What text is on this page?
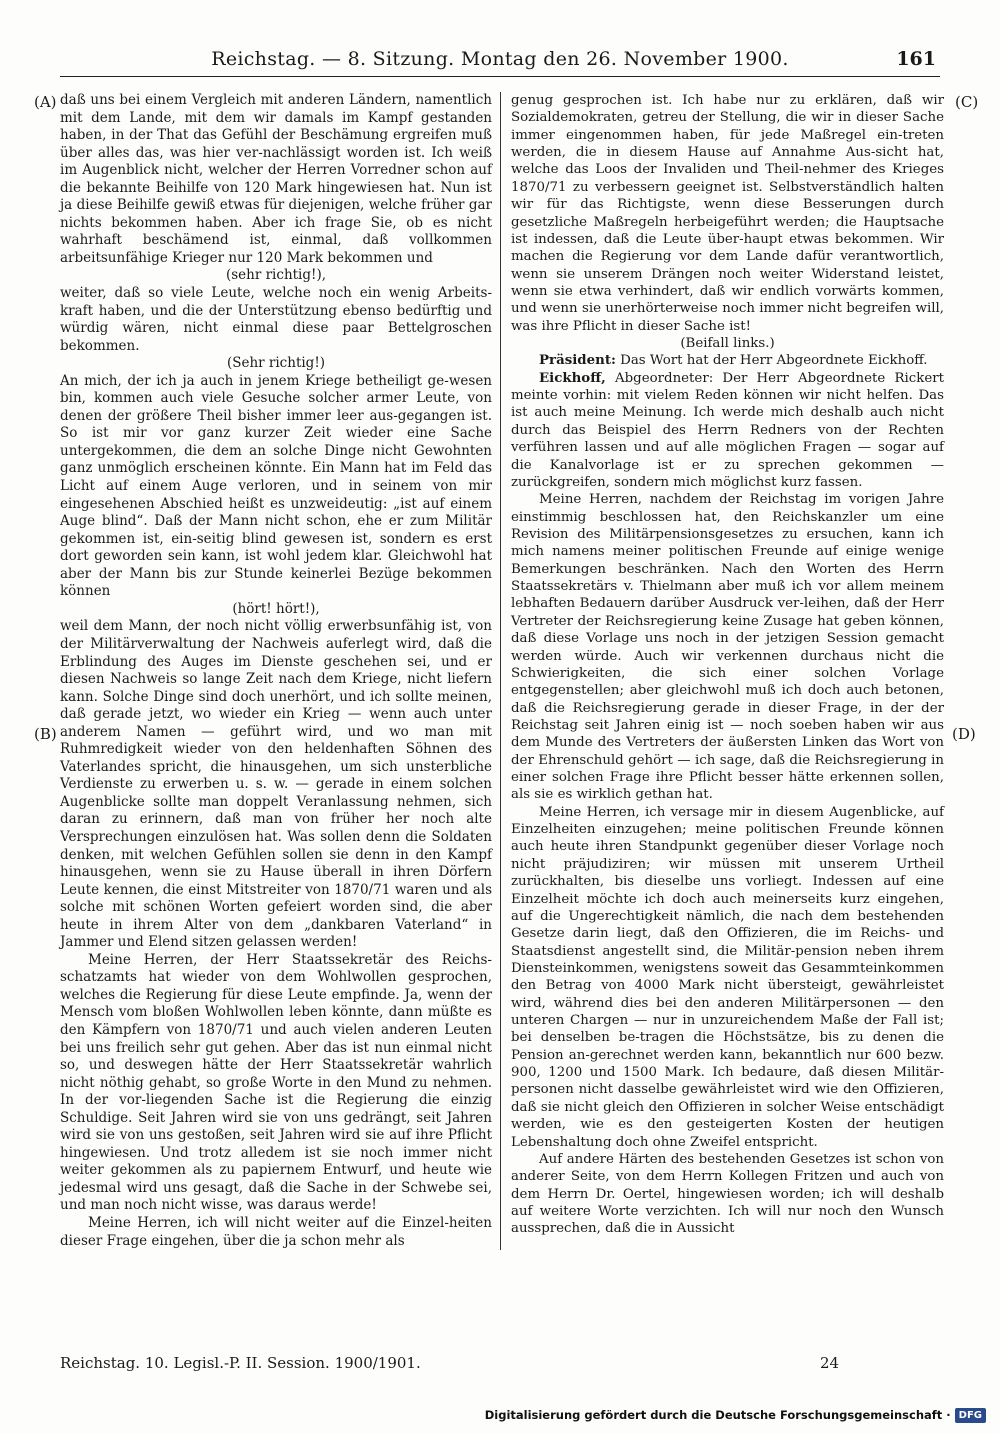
Reichstag. — 8. Sitzung. Montag den 26. November 1900.	161
(A)
(B)
(C)
(D)

daß uns bei einem Vergleich mit anderen Ländern, namentlich mit dem Lande, mit dem wir damals im Kampf gestanden haben, in der That das Gefühl der Beschämung ergreifen muß über alles das, was hier ver-nachlässigt worden ist. Ich weiß im Augenblick nicht, welcher der Herren Vorredner schon auf die bekannte Beihilfe von 120 Mark hingewiesen hat. Nun ist ja diese Beihilfe gewiß etwas für diejenigen, welche früher gar nichts bekommen haben. Aber ich frage Sie, ob es nicht wahrhaft beschämend ist, einmal, daß vollkommen arbeitsunfähige Krieger nur 120 Mark bekommen und

(sehr richtig!),

weiter, daß so viele Leute, welche noch ein wenig Arbeits-kraft haben, und die der Unterstützung ebenso bedürftig und würdig wären, nicht einmal diese paar Bettelgroschen bekommen.

(Sehr richtig!)

An mich, der ich ja auch in jenem Kriege betheiligt ge-wesen bin, kommen auch viele Gesuche solcher armer Leute, von denen der größere Theil bisher immer leer aus-gegangen ist. So ist mir vor ganz kurzer Zeit wieder eine Sache untergekommen, die dem an solche Dinge nicht Gewohnten ganz unmöglich erscheinen könnte. Ein Mann hat im Feld das Licht auf einem Auge verloren, und in seinem von mir eingesehenen Abschied heißt es unzweideutig: „ist auf einem Auge blind“. Daß der Mann nicht schon, ehe er zum Militär gekommen ist, ein-seitig blind gewesen ist, sondern es erst dort geworden sein kann, ist wohl jedem klar. Gleichwohl hat aber der Mann bis zur Stunde keinerlei Bezüge bekommen können

(hört! hört!),

weil dem Mann, der noch nicht völlig erwerbsunfähig ist, von der Militärverwaltung der Nachweis auferlegt wird, daß die Erblindung des Auges im Dienste geschehen sei, und er diesen Nachweis so lange Zeit nach dem Kriege, nicht liefern kann. Solche Dinge sind doch unerhört, und ich sollte meinen, daß gerade jetzt, wo wieder ein Krieg — wenn auch unter anderem Namen — geführt wird, und wo man mit Ruhmredigkeit wieder von den heldenhaften Söhnen des Vaterlandes spricht, die hinausgehen, um sich unsterbliche Verdienste zu erwerben u. s. w. — gerade in einem solchen Augenblicke sollte man doppelt Veranlassung nehmen, sich daran zu erinnern, daß man von früher her noch alte Versprechungen einzulösen hat. Was sollen denn die Soldaten denken, mit welchen Gefühlen sollen sie denn in den Kampf hinausgehen, wenn sie zu Hause überall in ihren Dörfern Leute kennen, die einst Mitstreiter von 1870/71 waren und als solche mit schönen Worten gefeiert worden sind, die aber heute in ihrem Alter von dem „dankbaren Vaterland“ in Jammer und Elend sitzen gelassen werden!

Meine Herren, der Herr Staatssekretär des Reichs-schatzamts hat wieder von dem Wohlwollen gesprochen, welches die Regierung für diese Leute empfinde. Ja, wenn der Mensch vom bloßen Wohlwollen leben könnte, dann müßte es den Kämpfern von 1870/71 und auch vielen anderen Leuten bei uns freilich sehr gut gehen. Aber das ist nun einmal nicht so, und deswegen hätte der Herr Staatssekretär wahrlich nicht nöthig gehabt, so große Worte in den Mund zu nehmen. In der vor-liegenden Sache ist die Regierung die einzig Schuldige. Seit Jahren wird sie von uns gedrängt, seit Jahren wird sie von uns gestoßen, seit Jahren wird sie auf ihre Pflicht hingewiesen. Und trotz alledem ist sie noch immer nicht weiter gekommen als zu papiernem Entwurf, und heute wie jedesmal wird uns gesagt, daß die Sache in der Schwebe sei, und man noch nicht wisse, was daraus werde!

Meine Herren, ich will nicht weiter auf die Einzel-heiten dieser Frage eingehen, über die ja schon mehr als

genug gesprochen ist. Ich habe nur zu erklären, daß wir Sozialdemokraten, getreu der Stellung, die wir in dieser Sache immer eingenommen haben, für jede Maßregel ein-treten werden, die in diesem Hause auf Annahme Aus-sicht hat, welche das Loos der Invaliden und Theil-nehmer des Krieges 1870/71 zu verbessern geeignet ist. Selbstverständlich halten wir für das Richtigste, wenn diese Besserungen durch gesetzliche Maßregeln herbeigeführt werden; die Hauptsache ist indessen, daß die Leute über-haupt etwas bekommen. Wir machen die Regierung vor dem Lande dafür verantwortlich, wenn sie unserem Drängen noch weiter Widerstand leistet, wenn sie etwa verhindert, daß wir endlich vorwärts kommen, und wenn sie unerhörterweise noch immer nicht begreifen will, was ihre Pflicht in dieser Sache ist!

(Beifall links.)

Präsident: Das Wort hat der Herr Abgeordnete Eickhoff.

Eickhoff, Abgeordneter: Der Herr Abgeordnete Rickert meinte vorhin: mit vielem Reden können wir nicht helfen. Das ist auch meine Meinung. Ich werde mich deshalb auch nicht durch das Beispiel des Herrn Redners von der Rechten verführen lassen und auf alle möglichen Fragen — sogar auf die Kanalvorlage ist er zu sprechen gekommen — zurückgreifen, sondern mich möglichst kurz fassen.

Meine Herren, nachdem der Reichstag im vorigen Jahre einstimmig beschlossen hat, den Reichskanzler um eine Revision des Militärpensionsgesetzes zu ersuchen, kann ich mich namens meiner politischen Freunde auf einige wenige Bemerkungen beschränken. Nach den Worten des Herrn Staatssekretärs v. Thielmann aber muß ich vor allem meinem lebhaften Bedauern darüber Ausdruck ver-leihen, daß der Herr Vertreter der Reichsregierung keine Zusage hat geben können, daß diese Vorlage uns noch in der jetzigen Session gemacht werden würde. Auch wir verkennen durchaus nicht die Schwierigkeiten, die sich einer solchen Vorlage entgegenstellen; aber gleichwohl muß ich doch auch betonen, daß die Reichsregierung gerade in dieser Frage, in der der Reichstag seit Jahren einig ist — noch soeben haben wir aus dem Munde des Vertreters der äußersten Linken das Wort von der Ehrenschuld gehört — ich sage, daß die Reichsregierung in einer solchen Frage ihre Pflicht besser hätte erkennen sollen, als sie es wirklich gethan hat.

Meine Herren, ich versage mir in diesem Augenblicke, auf Einzelheiten einzugehen; meine politischen Freunde können auch heute ihren Standpunkt gegenüber dieser Vorlage noch nicht präjudiziren; wir müssen mit unserem Urtheil zurückhalten, bis dieselbe uns vorliegt. Indessen auf eine Einzelheit möchte ich doch auch meinerseits kurz eingehen, auf die Ungerechtigkeit nämlich, die nach dem bestehenden Gesetze darin liegt, daß den Offizieren, die im Reichs- und Staatsdienst angestellt sind, die Militär-pension neben ihrem Diensteinkommen, wenigstens soweit das Gesammteinkommen den Betrag von 4000 Mark nicht übersteigt, gewährleistet wird, während dies bei den anderen Militärpersonen — den unteren Chargen — nur in unzureichendem Maße der Fall ist; bei denselben be-tragen die Höchstsätze, bis zu denen die Pension an-gerechnet werden kann, bekanntlich nur 600 bezw. 900, 1200 und 1500 Mark. Ich bedaure, daß diesen Militär-personen nicht dasselbe gewährleistet wird wie den Offizieren, daß sie nicht gleich den Offizieren in solcher Weise entschädigt werden, wie es den gesteigerten Kosten der heutigen Lebenshaltung doch ohne Zweifel entspricht.

Auf andere Härten des bestehenden Gesetzes ist schon von anderer Seite, von dem Herrn Kollegen Fritzen und auch von dem Herrn Dr. Oertel, hingewiesen worden; ich will deshalb auf weitere Worte verzichten. Ich will nur noch den Wunsch aussprechen, daß die in Aussicht

Reichstag. 10. Legisl.-P. II. Session. 1900/1901.	24
Digitalisierung gefördert durch die Deutsche Forschungsgemeinschaft · DFG
